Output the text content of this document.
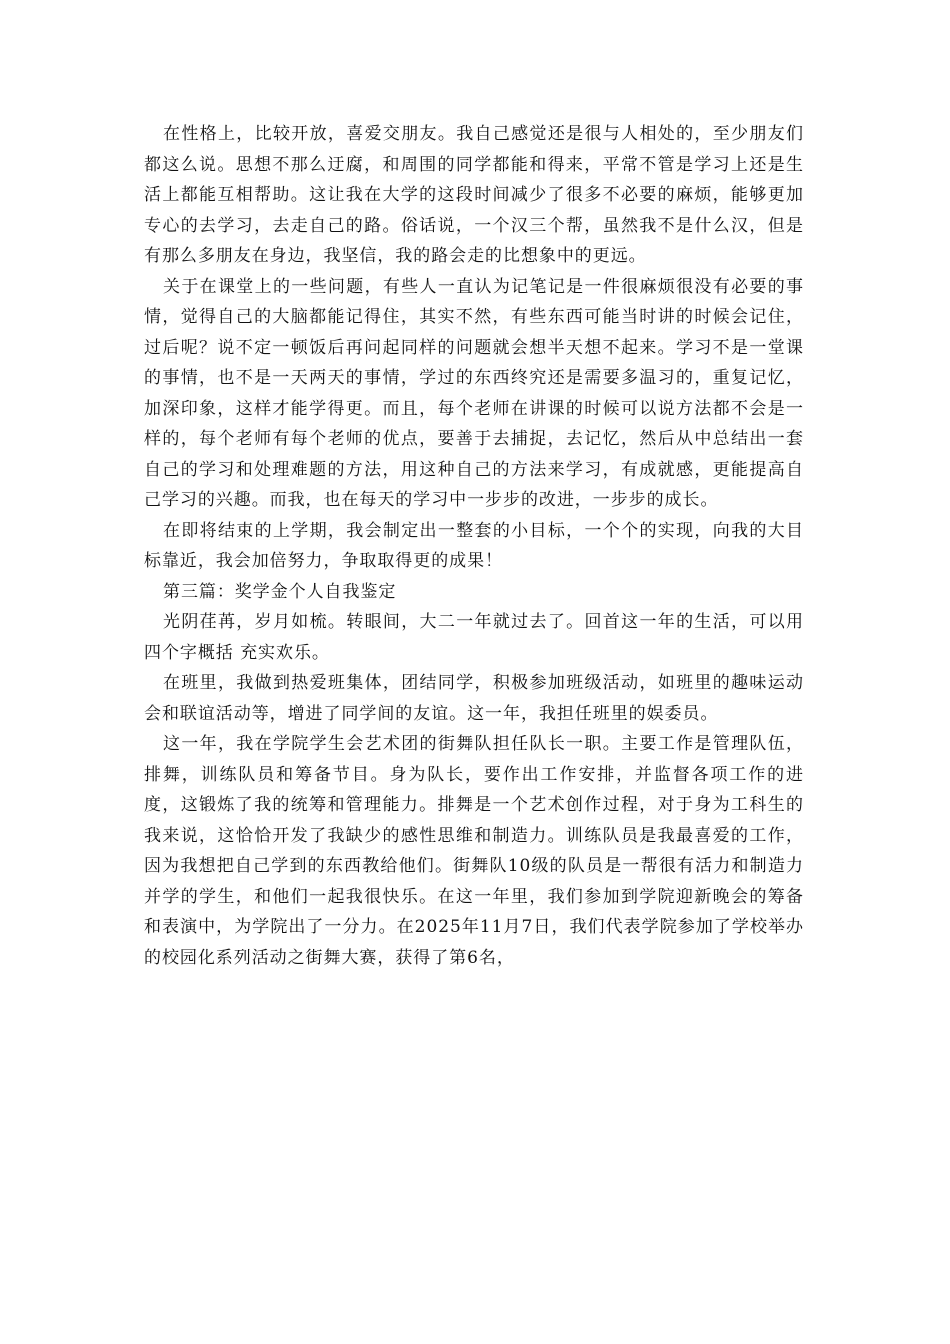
在性格上，比较开放，喜爱交朋友。我自己感觉还是很与人相处的，至少朋友们都这么说。思想不那么迂腐，和周围的同学都能和得来，平常不管是学习上还是生活上都能互相帮助。这让我在大学的这段时间减少了很多不必要的麻烦，能够更加专心的去学习，去走自己的路。俗话说，一个汉三个帮，虽然我不是什么汉，但是有那么多朋友在身边，我坚信，我的路会走的比想象中的更远。

关于在课堂上的一些问题，有些人一直认为记笔记是一件很麻烦很没有必要的事情，觉得自己的大脑都能记得住，其实不然，有些东西可能当时讲的时候会记住，过后呢？说不定一顿饭后再问起同样的问题就会想半天想不起来。学习不是一堂课的事情，也不是一天两天的事情，学过的东西终究还是需要多温习的，重复记忆，加深印象，这样才能学得更。而且，每个老师在讲课的时候可以说方法都不会是一样的，每个老师有每个老师的优点，要善于去捕捉，去记忆，然后从中总结出一套自己的学习和处理难题的方法，用这种自己的方法来学习，有成就感，更能提高自己学习的兴趣。而我，也在每天的学习中一步步的改进，一步步的成长。

在即将结束的上学期，我会制定出一整套的小目标，一个个的实现，向我的大目标靠近，我会加倍努力，争取取得更的成果！

第三篇：奖学金个人自我鉴定

光阴荏苒，岁月如梳。转眼间，大二一年就过去了。回首这一年的生活，可以用四个字概括 充实欢乐。

在班里，我做到热爱班集体，团结同学，积极参加班级活动，如班里的趣味运动会和联谊活动等，增进了同学间的友谊。这一年，我担任班里的娱委员。

这一年，我在学院学生会艺术团的街舞队担任队长一职。主要工作是管理队伍，排舞，训练队员和筹备节目。身为队长，要作出工作安排，并监督各项工作的进度，这锻炼了我的统筹和管理能力。排舞是一个艺术创作过程，对于身为工科生的我来说，这恰恰开发了我缺少的感性思维和制造力。训练队员是我最喜爱的工作，因为我想把自己学到的东西教给他们。街舞队10级的队员是一帮很有活力和制造力并学的学生，和他们一起我很快乐。在这一年里，我们参加到学院迎新晚会的筹备和表演中，为学院出了一分力。在2025年11月7日，我们代表学院参加了学校举办的校园化系列活动之街舞大赛，获得了第6名，
